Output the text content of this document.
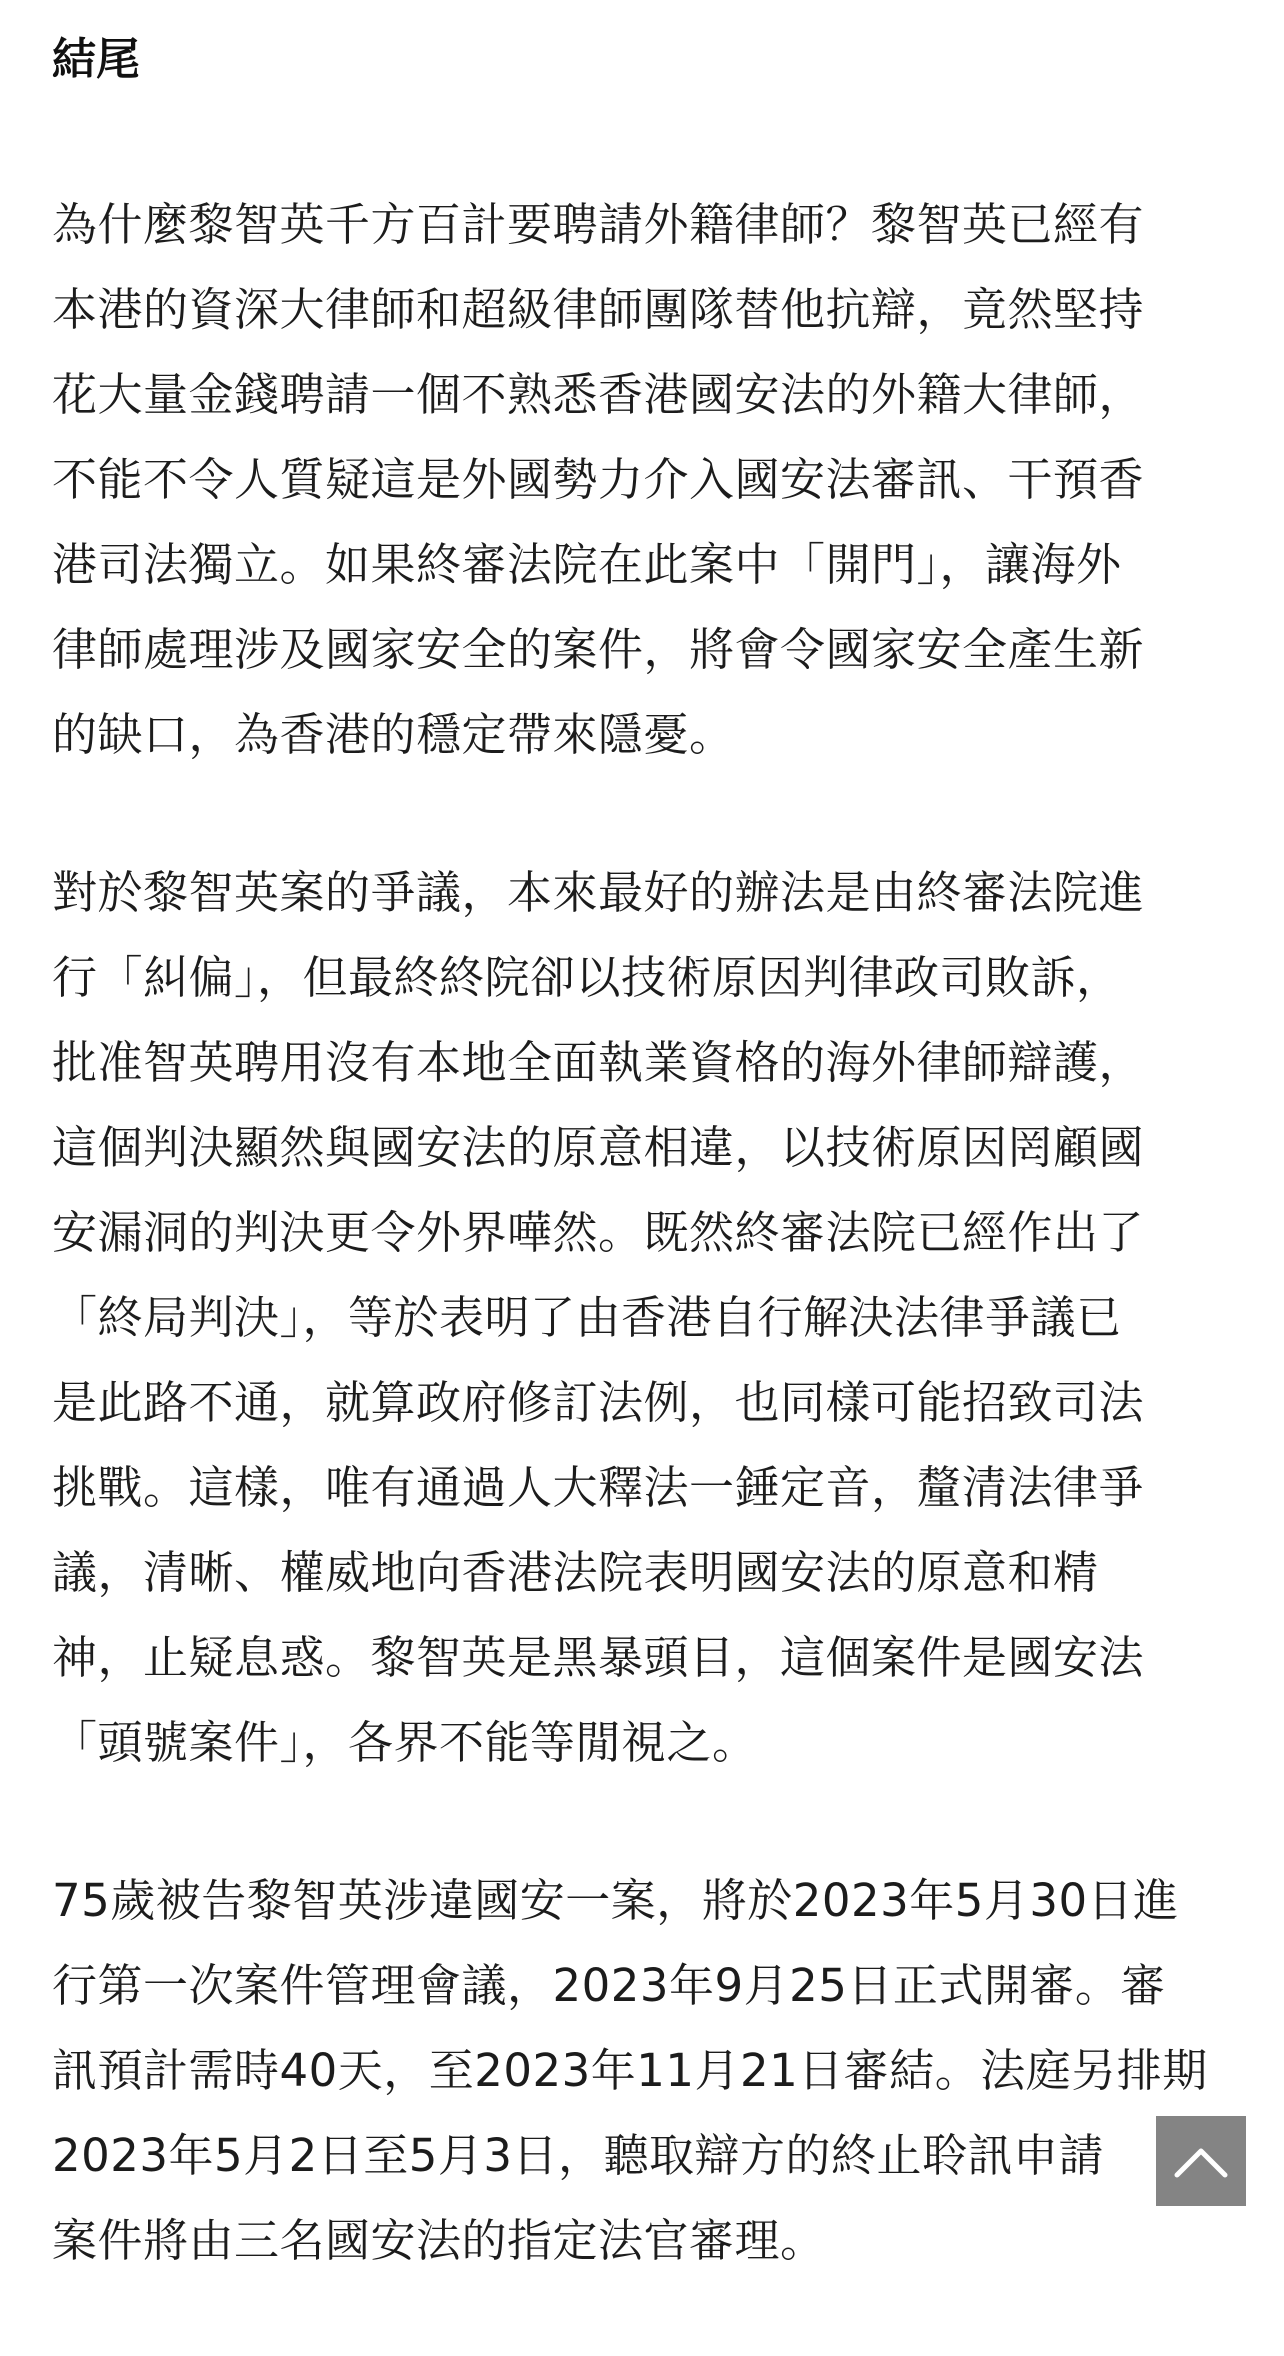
結尾

為什麼黎智英千方百計要聘請外籍律師？黎智英已經有
本港的資深大律師和超級律師團隊替他抗辯，竟然堅持
花大量金錢聘請一個不熟悉香港國安法的外籍大律師，
不能不令人質疑這是外國勢力介入國安法審訊、干預香
港司法獨立。如果終審法院在此案中「開門」，讓海外
律師處理涉及國家安全的案件，將會令國家安全產生新
的缺口，為香港的穩定帶來隱憂。

對於黎智英案的爭議，本來最好的辦法是由終審法院進
行「糾偏」，但最終終院卻以技術原因判律政司敗訴，
批准智英聘用沒有本地全面執業資格的海外律師辯護，
這個判決顯然與國安法的原意相違，以技術原因罔顧國
安漏洞的判決更令外界嘩然。既然終審法院已經作出了
「終局判決」，等於表明了由香港自行解決法律爭議已
是此路不通，就算政府修訂法例，也同樣可能招致司法
挑戰。這樣，唯有通過人大釋法一錘定音，釐清法律爭
議，清晰、權威地向香港法院表明國安法的原意和精
神，止疑息惑。黎智英是黑暴頭目，這個案件是國安法
「頭號案件」，各界不能等閒視之。

75歲被告黎智英涉違國安一案，將於2023年5月30日進
行第一次案件管理會議，2023年9月25日正式開審。審
訊預計需時40天，至2023年11月21日審結。法庭另排期
2023年5月2日至5月3日，聽取辯方的終止聆訊申請
案件將由三名國安法的指定法官審理。
